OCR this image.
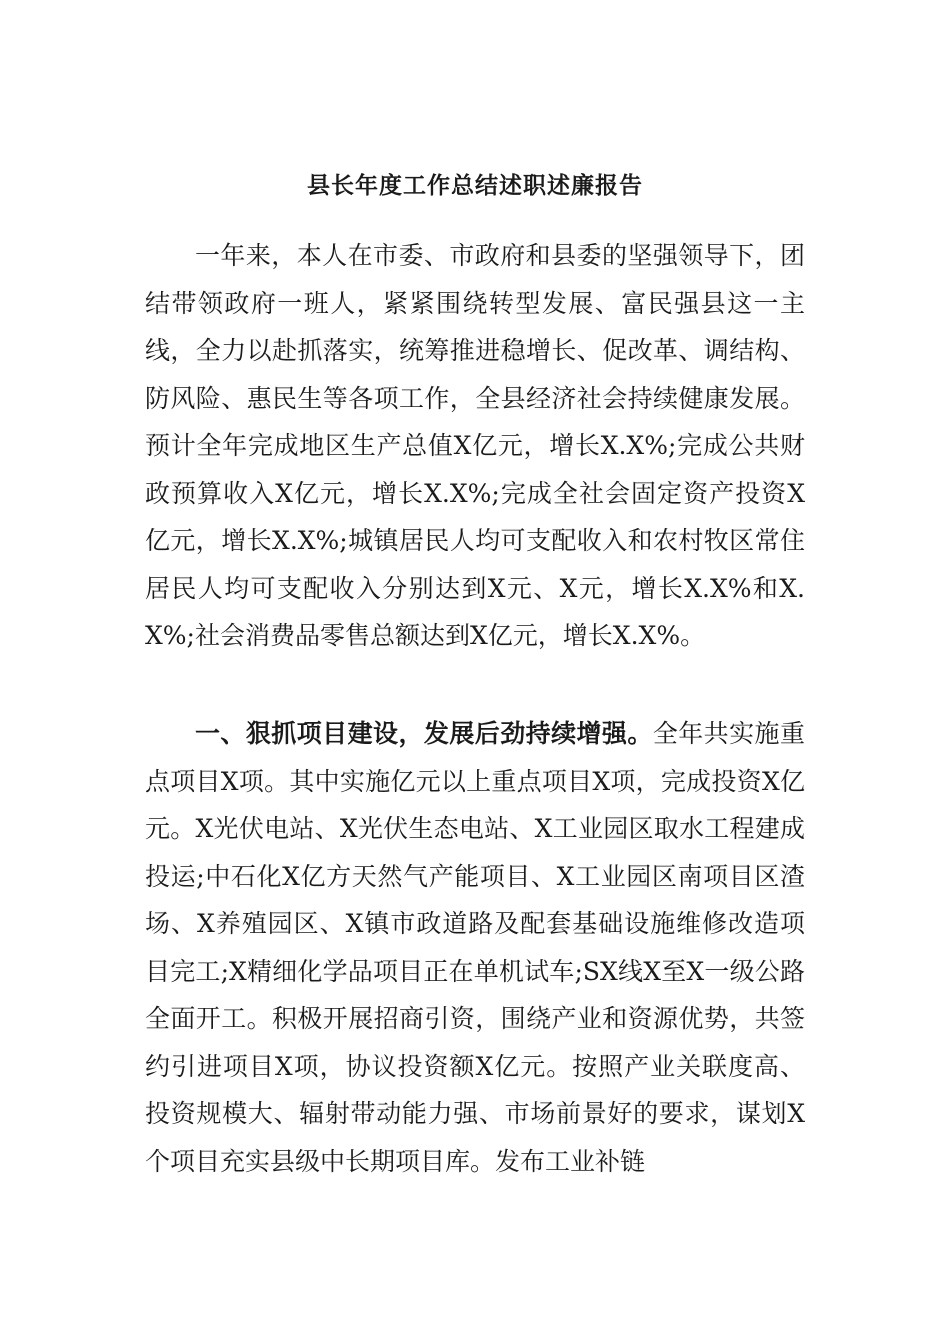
县长年度工作总结述职述廉报告

一年来，本人在市委、市政府和县委的坚强领导下，团结带领政府一班人，紧紧围绕转型发展、富民强县这一主线，全力以赴抓落实，统筹推进稳增长、促改革、调结构、防风险、惠民生等各项工作，全县经济社会持续健康发展。预计全年完成地区生产总值X亿元，增长X.X%;完成公共财政预算收入X亿元，增长X.X%;完成全社会固定资产投资X亿元，增长X.X%;城镇居民人均可支配收入和农村牧区常住居民人均可支配收入分别达到X元、X元，增长X.X%和X.X%;社会消费品零售总额达到X亿元，增长X.X%。

一、狠抓项目建设，发展后劲持续增强。全年共实施重点项目X项。其中实施亿元以上重点项目X项，完成投资X亿元。X光伏电站、X光伏生态电站、X工业园区取水工程建成投运;中石化X亿方天然气产能项目、X工业园区南项目区渣场、X养殖园区、X镇市政道路及配套基础设施维修改造项目完工;X精细化学品项目正在单机试车;SX线X至X一级公路全面开工。积极开展招商引资，围绕产业和资源优势，共签约引进项目X项，协议投资额X亿元。按照产业关联度高、投资规模大、辐射带动能力强、市场前景好的要求，谋划X个项目充实县级中长期项目库。发布工业补链
